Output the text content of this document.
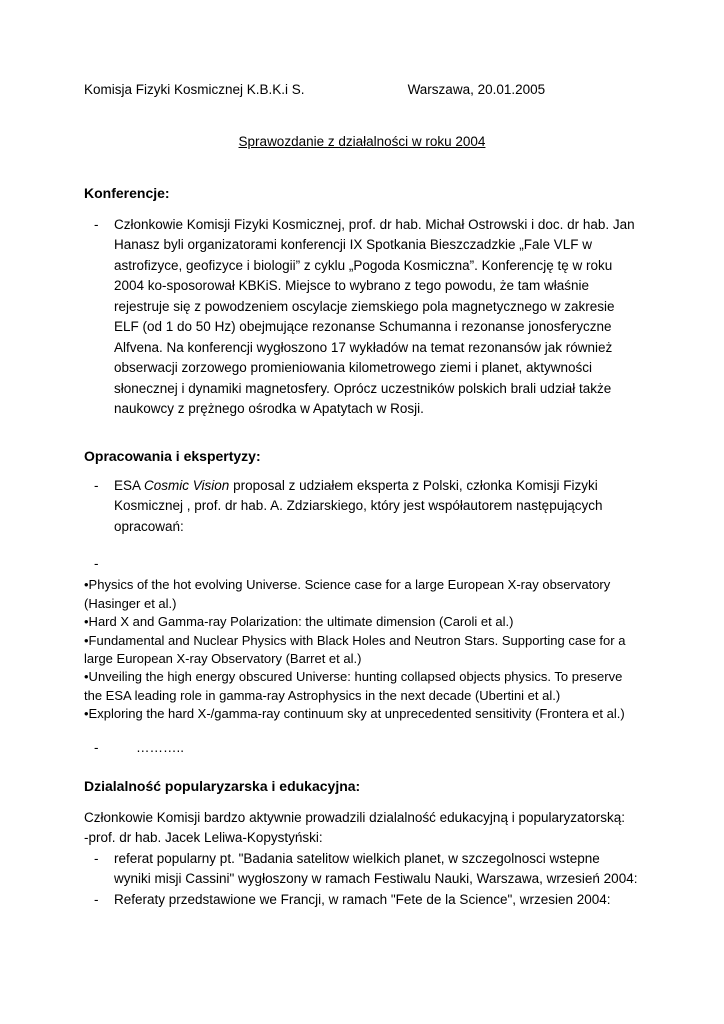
Komisja Fizyki Kosmicznej K.B.K.i S.	Warszawa, 20.01.2005
Sprawozdanie z działalności w roku 2004
Konferencje:
-	Członkowie Komisji Fizyki Kosmicznej, prof. dr hab. Michał Ostrowski i doc. dr hab. Jan Hanasz byli organizatorami konferencji IX Spotkania Bieszczadzkie „Fale VLF w astrofizyce, geofizyce i biologii” z cyklu „Pogoda Kosmiczna”. Konferencję tę w roku 2004 ko-sposorował KBKiS. Miejsce to wybrano z tego powodu, że tam właśnie rejestruje się z powodzeniem oscylacje ziemskiego pola magnetycznego w zakresie ELF (od 1 do 50 Hz) obejmujące rezonanse Schumanna i rezonanse jonosferyczne Alfvena. Na konferencji wygłoszono 17 wykładów na temat rezonansów jak również obserwacji zorzowego promieniowania kilometrowego ziemi i planet, aktywności słonecznej i dynamiki magnetosfery. Oprócz uczestników polskich brali udział także naukowcy z prężnego ośrodka w Apatytach w Rosji.
Opracowania i ekspertyzy:
-	ESA Cosmic Vision proposal z udziałem eksperta z Polski, członka Komisji Fizyki Kosmicznej , prof. dr hab. A. Zdziarskiego, który jest współautorem następujących opracowań:
-
•Physics of the hot evolving Universe. Science case for a large European X-ray observatory (Hasinger et al.)
•Hard X and Gamma-ray Polarization: the ultimate dimension (Caroli et al.)
•Fundamental and Nuclear Physics with Black Holes and Neutron Stars. Supporting case for a large European X-ray Observatory (Barret et al.)
•Unveiling the high energy obscured Universe: hunting collapsed objects physics. To preserve the ESA leading role in gamma-ray Astrophysics in the next decade (Ubertini et al.)
•Exploring the hard X-/gamma-ray continuum sky at unprecedented sensitivity (Frontera et al.)
-	………..
Dzialalność popularyzarska i edukacyjna:
Członkowie Komisji bardzo aktywnie prowadzili dzialalność edukacyjną i popularyzatorską:
-prof. dr hab. Jacek Leliwa-Kopystyński:
-	referat popularny pt. "Badania satelitow wielkich planet, w szczegolnosci wstepne wyniki misji Cassini" wygłoszony w ramach Festiwalu Nauki, Warszawa, wrzesień 2004:
-	Referaty przedstawione we Francji, w ramach "Fete de la Science", wrzesien 2004:
